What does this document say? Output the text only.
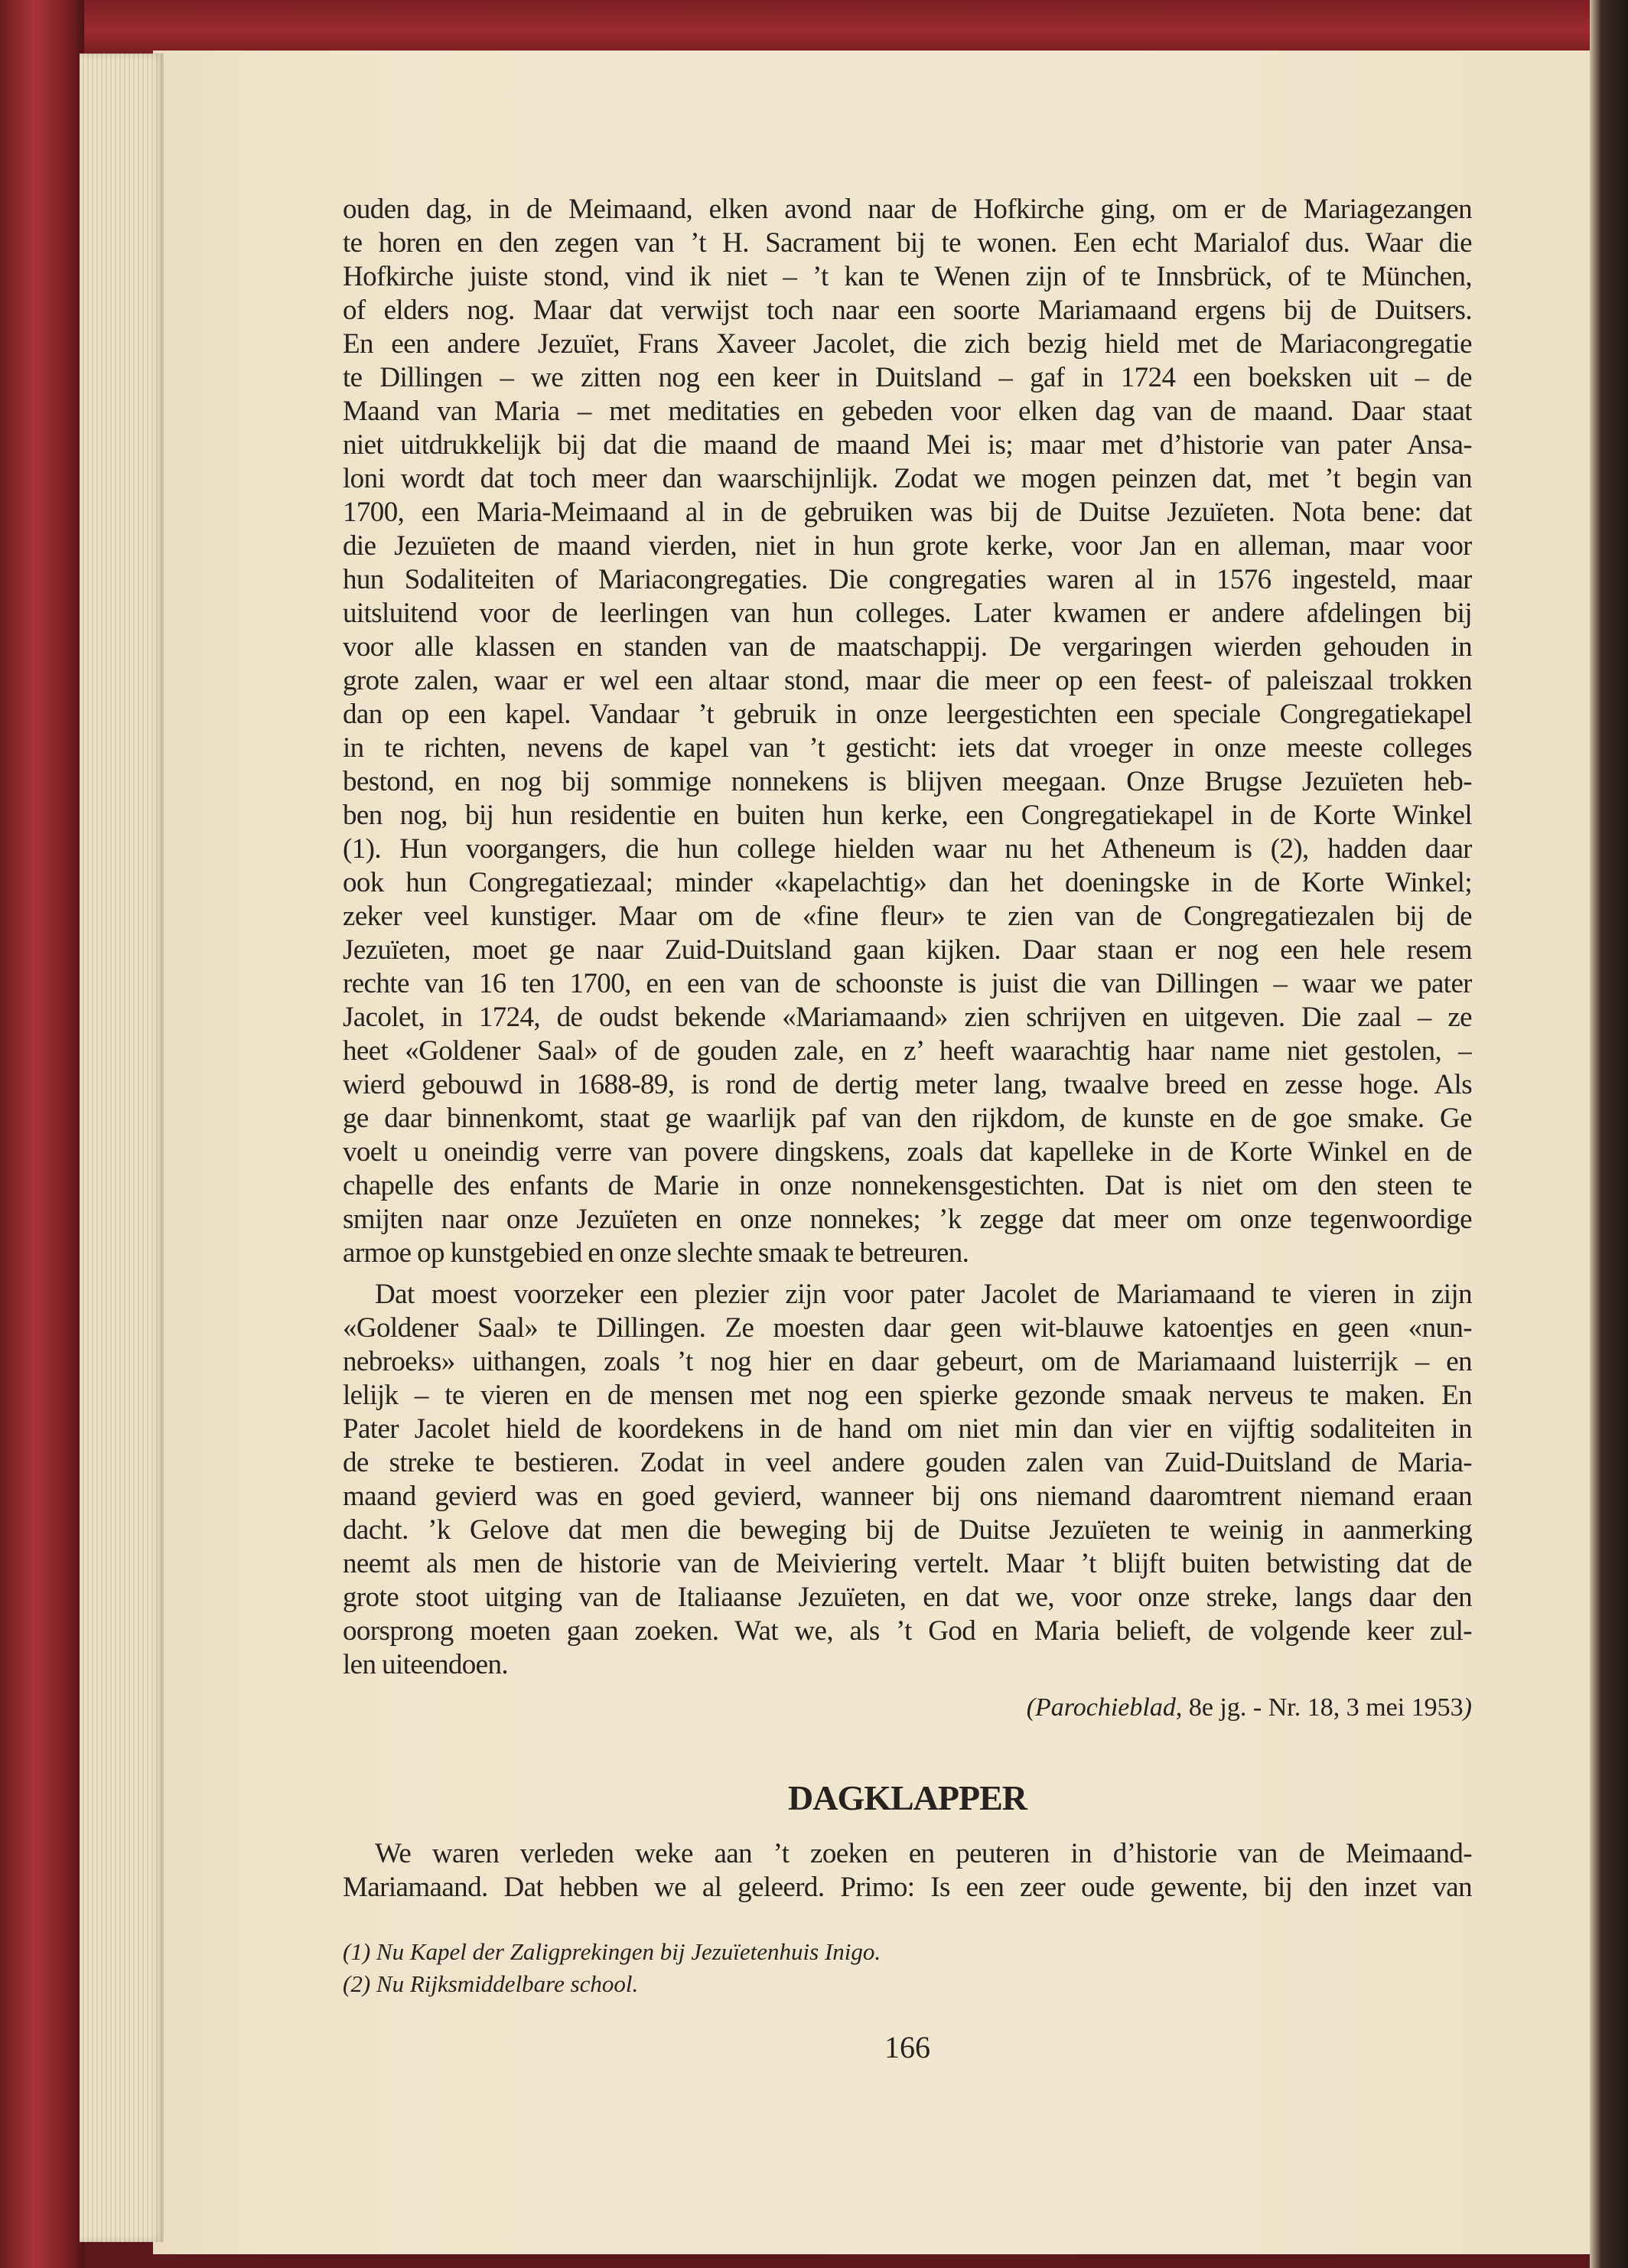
ouden dag, in de Meimaand, elken avond naar de Hofkirche ging, om er de Mariagezangen
te horen en den zegen van ’t H. Sacrament bij te wonen. Een echt Marialof dus. Waar die
Hofkirche juiste stond, vind ik niet – ’t kan te Wenen zijn of te Innsbrück, of te München,
of elders nog. Maar dat verwijst toch naar een soorte Mariamaand ergens bij de Duitsers.
En een andere Jezuïet, Frans Xaveer Jacolet, die zich bezig hield met de Mariacongregatie
te Dillingen – we zitten nog een keer in Duitsland – gaf in 1724 een boeksken uit – de
Maand van Maria – met meditaties en gebeden voor elken dag van de maand. Daar staat
niet uitdrukkelijk bij dat die maand de maand Mei is; maar met d’historie van pater Ansa-
loni wordt dat toch meer dan waarschijnlijk. Zodat we mogen peinzen dat, met ’t begin van
1700, een Maria-Meimaand al in de gebruiken was bij de Duitse Jezuïeten. Nota bene: dat
die Jezuïeten de maand vierden, niet in hun grote kerke, voor Jan en alleman, maar voor
hun Sodaliteiten of Mariacongregaties. Die congregaties waren al in 1576 ingesteld, maar
uitsluitend voor de leerlingen van hun colleges. Later kwamen er andere afdelingen bij
voor alle klassen en standen van de maatschappij. De vergaringen wierden gehouden in
grote zalen, waar er wel een altaar stond, maar die meer op een feest- of paleiszaal trokken
dan op een kapel. Vandaar ’t gebruik in onze leergestichten een speciale Congregatiekapel
in te richten, nevens de kapel van ’t gesticht: iets dat vroeger in onze meeste colleges
bestond, en nog bij sommige nonnekens is blijven meegaan. Onze Brugse Jezuïeten heb-
ben nog, bij hun residentie en buiten hun kerke, een Congregatiekapel in de Korte Winkel
(1). Hun voorgangers, die hun college hielden waar nu het Atheneum is (2), hadden daar
ook hun Congregatiezaal; minder «kapelachtig» dan het doeningske in de Korte Winkel;
zeker veel kunstiger. Maar om de «fine fleur» te zien van de Congregatiezalen bij de
Jezuïeten, moet ge naar Zuid-Duitsland gaan kijken. Daar staan er nog een hele resem
rechte van 16 ten 1700, en een van de schoonste is juist die van Dillingen – waar we pater
Jacolet, in 1724, de oudst bekende «Mariamaand» zien schrijven en uitgeven. Die zaal – ze
heet «Goldener Saal» of de gouden zale, en z’ heeft waarachtig haar name niet gestolen, –
wierd gebouwd in 1688-89, is rond de dertig meter lang, twaalve breed en zesse hoge. Als
ge daar binnenkomt, staat ge waarlijk paf van den rijkdom, de kunste en de goe smake. Ge
voelt u oneindig verre van povere dingskens, zoals dat kapelleke in de Korte Winkel en de
chapelle des enfants de Marie in onze nonnekensgestichten. Dat is niet om den steen te
smijten naar onze Jezuïeten en onze nonnekes; ’k zegge dat meer om onze tegenwoordige
armoe op kunstgebied en onze slechte smaak te betreuren.
Dat moest voorzeker een plezier zijn voor pater Jacolet de Mariamaand te vieren in zijn
«Goldener Saal» te Dillingen. Ze moesten daar geen wit-blauwe katoentjes en geen «nun-
nebroeks» uithangen, zoals ’t nog hier en daar gebeurt, om de Mariamaand luisterrijk – en
lelijk – te vieren en de mensen met nog een spierke gezonde smaak nerveus te maken. En
Pater Jacolet hield de koordekens in de hand om niet min dan vier en vijftig sodaliteiten in
de streke te bestieren. Zodat in veel andere gouden zalen van Zuid-Duitsland de Maria-
maand gevierd was en goed gevierd, wanneer bij ons niemand daaromtrent niemand eraan
dacht. ’k Gelove dat men die beweging bij de Duitse Jezuïeten te weinig in aanmerking
neemt als men de historie van de Meiviering vertelt. Maar ’t blijft buiten betwisting dat de
grote stoot uitging van de Italiaanse Jezuïeten, en dat we, voor onze streke, langs daar den
oorsprong moeten gaan zoeken. Wat we, als ’t God en Maria belieft, de volgende keer zul-
len uiteendoen.
(Parochieblad, 8e jg. - Nr. 18, 3 mei 1953)
DAGKLAPPER
We waren verleden weke aan ’t zoeken en peuteren in d’historie van de Meimaand-
Mariamaand. Dat hebben we al geleerd. Primo: Is een zeer oude gewente, bij den inzet van
(1) Nu Kapel der Zaligprekingen bij Jezuïetenhuis Inigo.
(2) Nu Rijksmiddelbare school.
166
